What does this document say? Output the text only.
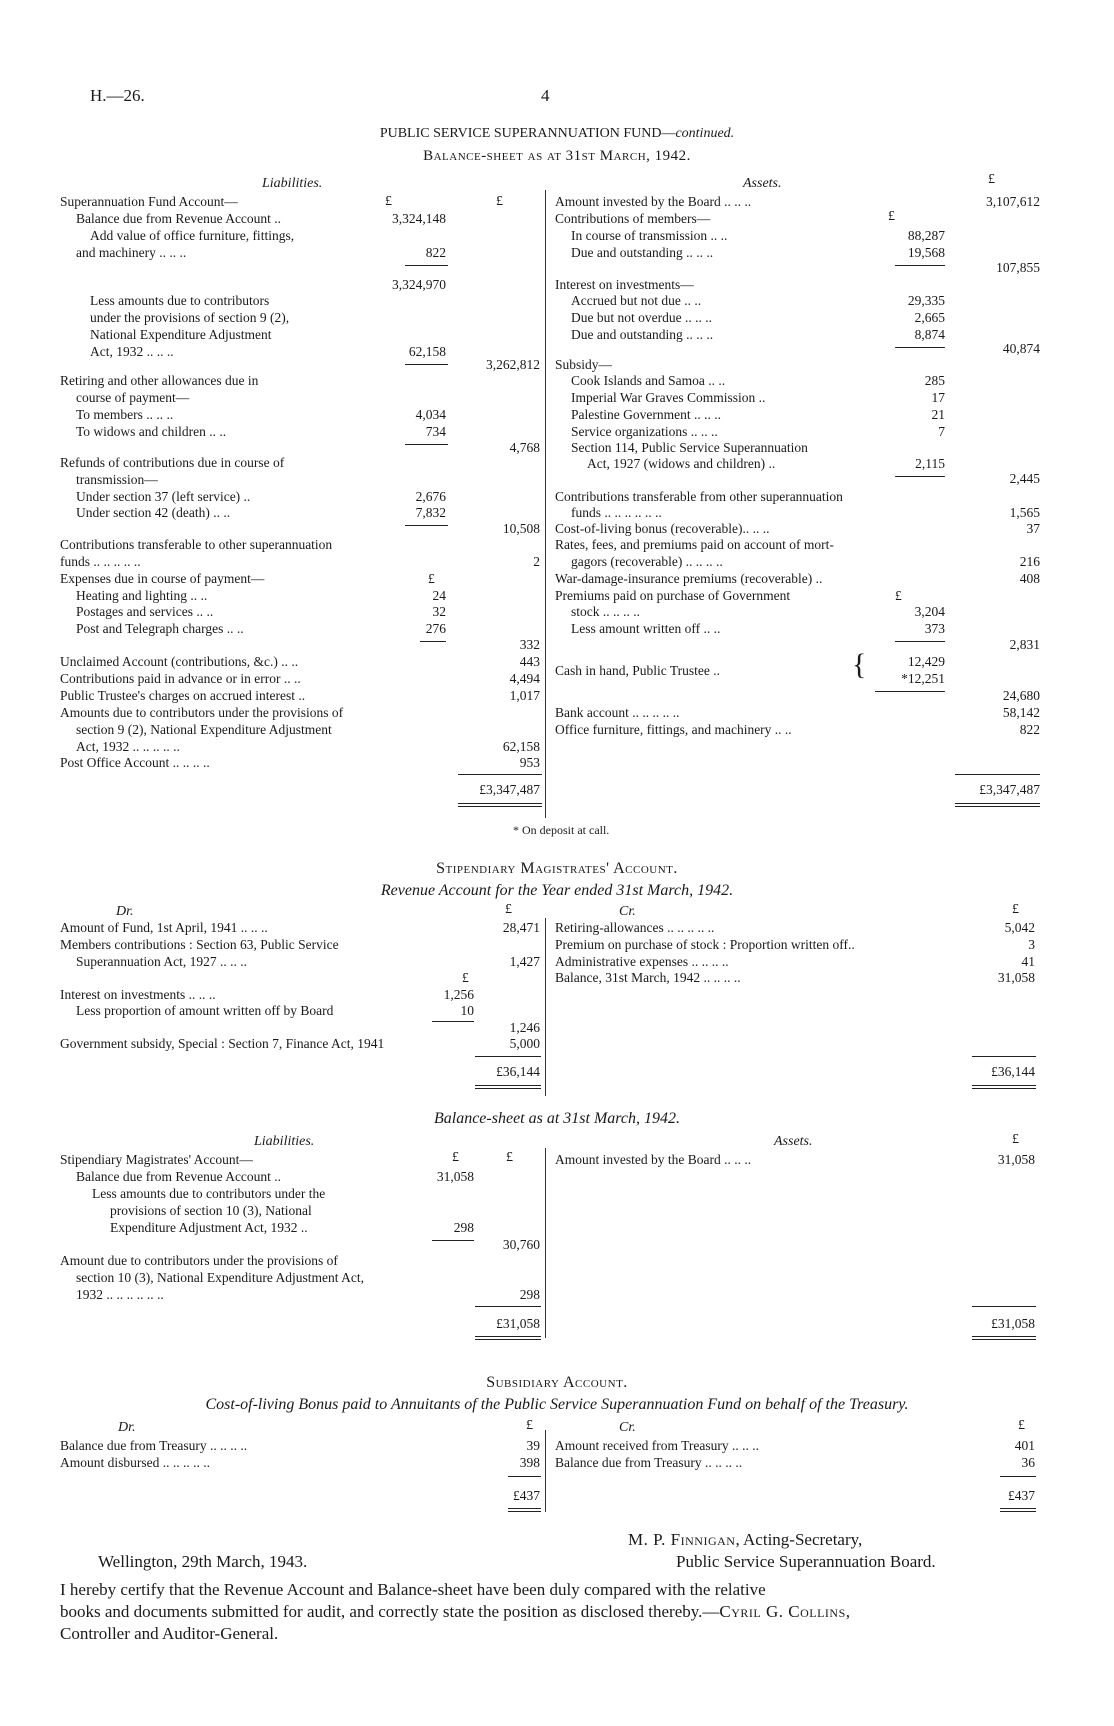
H.—26.	4
PUBLIC SERVICE SUPERANNUATION FUND—continued.
Balance-sheet as at 31st March, 1942.
Liabilities.	Assets.	£
£	£
£
Superannuation Fund Account—
Balance due from Revenue Account ..	3,324,148
Add value of office furniture, fittings,
and machinery .. .. ..	822
3,324,970
Less amounts due to contributors
under the provisions of section 9 (2),
National Expenditure Adjustment
Act, 1932 .. .. ..	62,158
3,262,812
Retiring and other allowances due in
course of payment—
To members .. .. ..	4,034
To widows and children .. ..	734
4,768
Refunds of contributions due in course of
transmission—
Under section 37 (left service) ..	2,676
Under section 42 (death) .. ..	7,832
10,508
Contributions transferable to other superannuation
funds .. .. .. .. ..	2
Expenses due in course of payment—	£
Heating and lighting .. ..	24
Postages and services .. ..	32
Post and Telegraph charges .. ..	276
332
Unclaimed Account (contributions, &c.) .. ..	443
Contributions paid in advance or in error .. ..	4,494
Public Trustee's charges on accrued interest ..	1,017
Amounts due to contributors under the provisions of
section 9 (2), National Expenditure Adjustment
Act, 1932 .. .. .. .. ..	62,158
Post Office Account .. .. .. ..	953
£3,347,487
Amount invested by the Board .. .. ..	3,107,612
Contributions of members—
In course of transmission .. ..	88,287
Due and outstanding .. .. ..	19,568
107,855
Interest on investments—
Accrued but not due .. ..	29,335
Due but not overdue .. .. ..	2,665
Due and outstanding .. .. ..	8,874
40,874
Subsidy—
Cook Islands and Samoa .. ..	285
Imperial War Graves Commission ..	17
Palestine Government .. .. ..	21
Service organizations .. .. ..	7
Section 114, Public Service Superannuation
Act, 1927 (widows and children) ..	2,115
2,445
Contributions transferable from other superannuation
funds .. .. .. .. .. ..	1,565
Cost-of-living bonus (recoverable).. .. ..	37
Rates, fees, and premiums paid on account of mort-
gagors (recoverable) .. .. .. ..	216
War-damage-insurance premiums (recoverable) ..	408
Premiums paid on purchase of Government	£
stock .. .. .. ..	3,204
Less amount written off .. ..	373
2,831
Cash in hand, Public Trustee ..	{	12,429
*12,251
24,680
Bank account .. .. .. .. ..	58,142
Office furniture, fittings, and machinery .. ..	822
£3,347,487
* On deposit at call.
Stipendiary Magistrates' Account.
Revenue Account for the Year ended 31st March, 1942.
Dr.	£	Cr.	£
Amount of Fund, 1st April, 1941 .. .. ..	28,471
Members contributions : Section 63, Public Service
Superannuation Act, 1927 .. .. ..	1,427
£
Interest on investments .. .. ..	1,256
Less proportion of amount written off by Board	10
1,246
Government subsidy, Special : Section 7, Finance Act, 1941	5,000
£36,144
Retiring-allowances .. .. .. .. ..	5,042
Premium on purchase of stock : Proportion written off..	3
Administrative expenses .. .. .. ..	41
Balance, 31st March, 1942 .. .. .. ..	31,058
£36,144
Balance-sheet as at 31st March, 1942.
Liabilities.	Assets.	£
£	£
Stipendiary Magistrates' Account—
Balance due from Revenue Account ..	31,058
Less amounts due to contributors under the
provisions of section 10 (3), National
Expenditure Adjustment Act, 1932 ..	298
30,760
Amount due to contributors under the provisions of
section 10 (3), National Expenditure Adjustment Act,
1932 .. .. .. .. .. ..	298
£31,058
Amount invested by the Board .. .. ..	31,058
£31,058
Subsidiary Account.
Cost-of-living Bonus paid to Annuitants of the Public Service Superannuation Fund on behalf of the Treasury.
Dr.	£	Cr.	£
Balance due from Treasury .. .. .. ..	39
Amount disbursed .. .. .. .. ..	398
£437
Amount received from Treasury .. .. ..	401
Balance due from Treasury .. .. .. ..	36
£437
M. P. Finnigan, Acting-Secretary,
Public Service Superannuation Board.
Wellington, 29th March, 1943.
I hereby certify that the Revenue Account and Balance-sheet have been duly compared with the relative
books and documents submitted for audit, and correctly state the position as disclosed thereby.—Cyril G. Collins,
Controller and Auditor-General.
